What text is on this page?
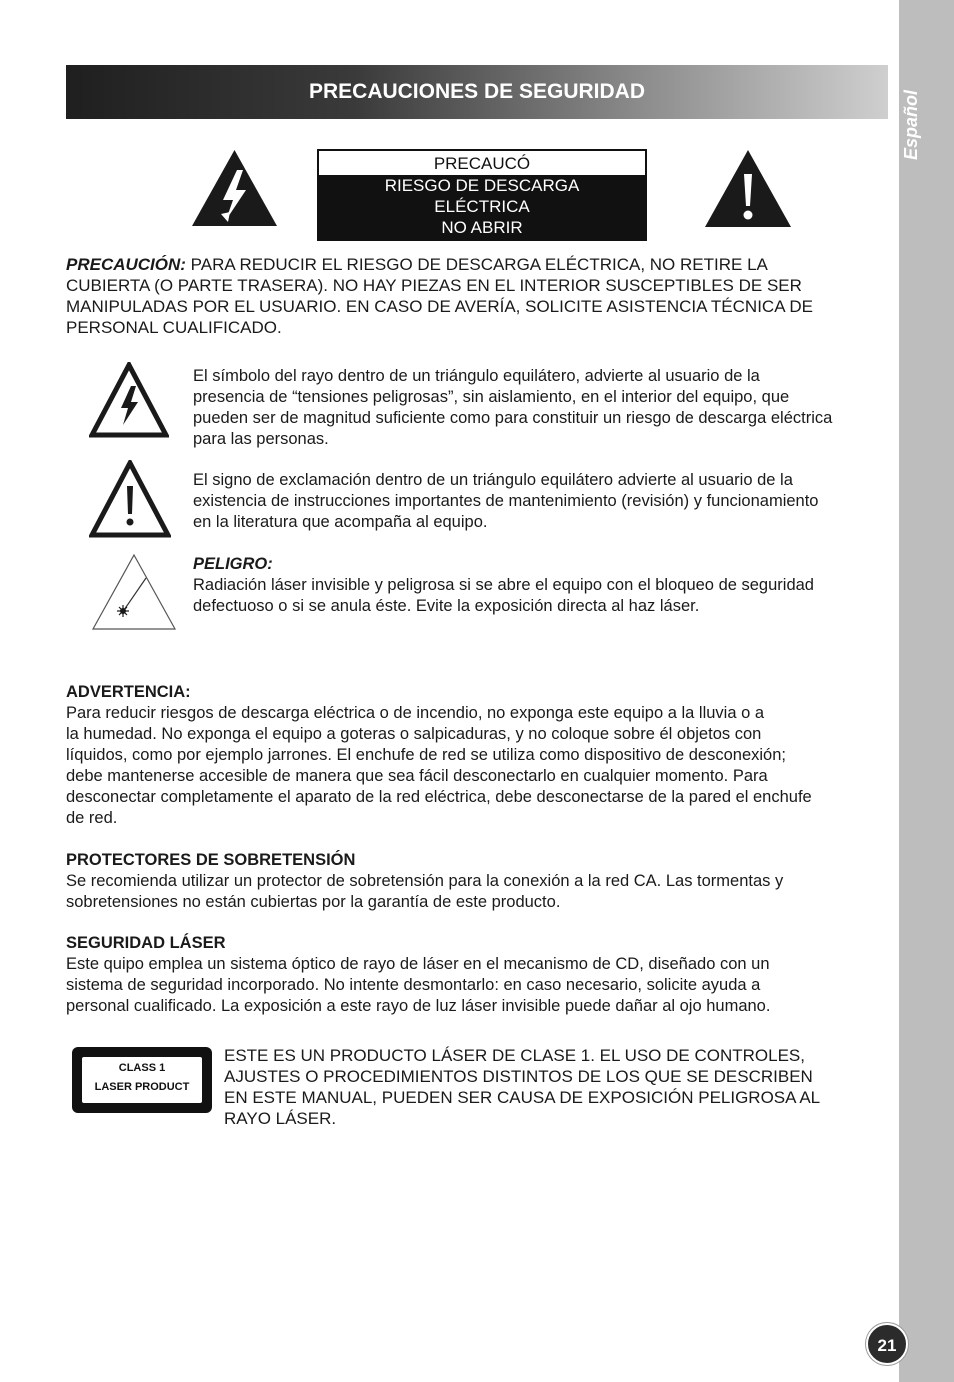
21
PRECAUCIONES DE SEGURIDAD
PRECAUCÓ
RIESGO DE DESCARGA
ELÉCTRICA
NO ABRIR

PRECAUCIÓN: PARA REDUCIR EL RIESGO DE DESCARGA ELÉCTRICA, NO RETIRE LA
CUBIERTA (O PARTE TRASERA). NO HAY PIEZAS EN EL INTERIOR SUSCEPTIBLES DE SER
MANIPULADAS POR EL USUARIO. EN CASO DE AVERÍA, SOLICITE ASISTENCIA TÉCNICA DE
PERSONAL CUALIFICADO.

El símbolo del rayo dentro de un triángulo equilátero, advierte al usuario de la
presencia de “tensiones peligrosas”, sin aislamiento, en el interior del equipo, que
pueden ser de magnitud suficiente como para constituir un riesgo de descarga eléctrica
para las personas.

El signo de exclamación dentro de un triángulo equilátero advierte al usuario de la
existencia de instrucciones importantes de mantenimiento (revisión) y funcionamiento
en la literatura que acompaña al equipo.

PELIGRO:
Radiación láser invisible y peligrosa si se abre el equipo con el bloqueo de seguridad
defectuoso o si se anula éste. Evite la exposición directa al haz láser.

ADVERTENCIA:
Para reducir riesgos de descarga eléctrica o de incendio, no exponga este equipo a la lluvia o a
la humedad. No exponga el equipo a goteras o salpicaduras, y no coloque sobre él objetos con
líquidos, como por ejemplo jarrones. El enchufe de red se utiliza como dispositivo de desconexión;
debe mantenerse accesible de manera que sea fácil desconectarlo en cualquier momento. Para
desconectar completamente el aparato de la red eléctrica, debe desconectarse de la pared el enchufe
de red.

PROTECTORES DE SOBRETENSIÓN
Se recomienda utilizar un protector de sobretensión para la conexión a la red CA. Las tormentas y
sobretensiones no están cubiertas por la garantía de este producto.

SEGURIDAD LÁSER
Este quipo emplea un sistema óptico de rayo de láser en el mecanismo de CD, diseñado con un
sistema de seguridad incorporado. No intente desmontarlo: en caso necesario, solicite ayuda a
personal cualificado. La exposición a este rayo de luz láser invisible puede dañar al ojo humano.

CLASS 1
LASER PRODUCT

ESTE ES UN PRODUCTO LÁSER DE CLASE 1. EL USO DE CONTROLES,
AJUSTES O PROCEDIMIENTOS DISTINTOS DE LOS QUE SE DESCRIBEN
EN ESTE MANUAL, PUEDEN SER CAUSA DE EXPOSICIÓN PELIGROSA AL
RAYO LÁSER.
